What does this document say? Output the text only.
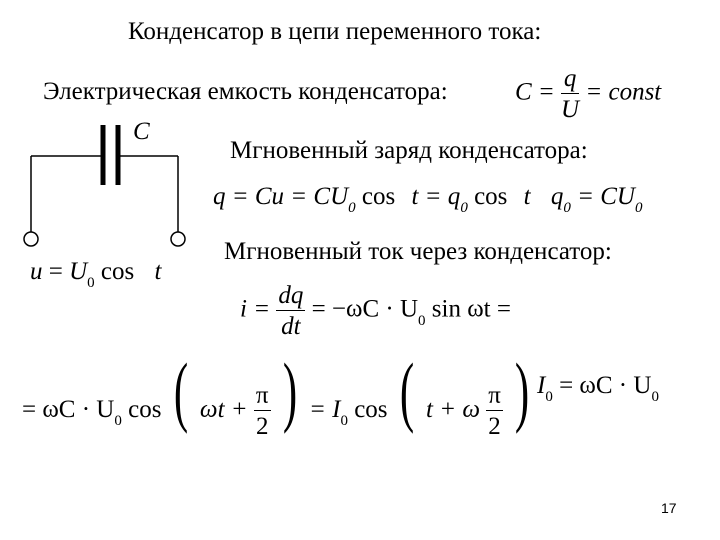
Конденсатор в цепи переменного тока:
Электрическая емкость конденсатора:	$C = \frac{q}{U}$ = const
C
$u = U_0$ cos t
Мгновенный заряд конденсатора:
$q = Cu = CU_0$ $\cos t = q_0$ cos t $q_0 = CU_0$
Мгновенный ток через конденсатор:
$i = \frac{dq}{dt} = -\omega C \cdot U_0$ sin ωt =
= $\omega C \cdot U_0$ cos ( $\omega t + \frac{\pi}{2}$ ) = $I_0$ cos ( t + ω $\frac{\pi}{2}$ ) $I_0 = \omega C \cdot U_0$
17
